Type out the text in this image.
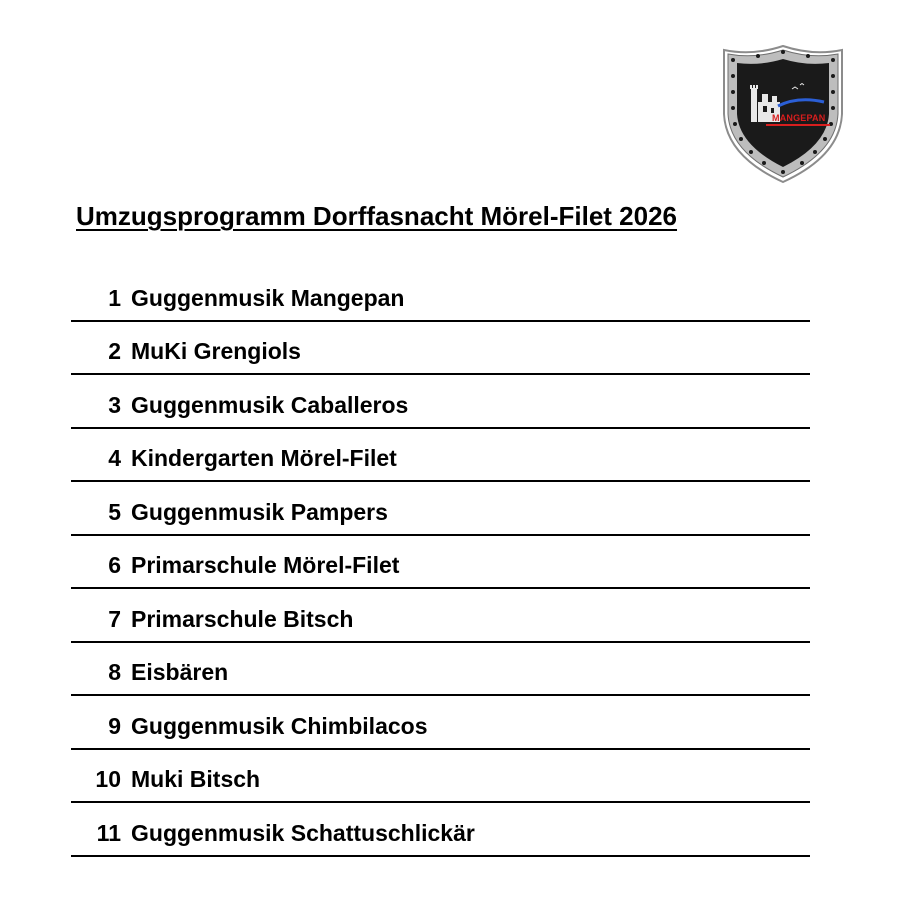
MANGEPAN
Umzugsprogramm Dorffasnacht Mörel-Filet 2026
1 Guggenmusik Mangepan
2 MuKi Grengiols
3 Guggenmusik Caballeros
4 Kindergarten Mörel-Filet
5 Guggenmusik Pampers
6 Primarschule Mörel-Filet
7 Primarschule Bitsch
8 Eisbären
9 Guggenmusik Chimbilacos
10 Muki Bitsch
11 Guggenmusik Schattuschlickär
